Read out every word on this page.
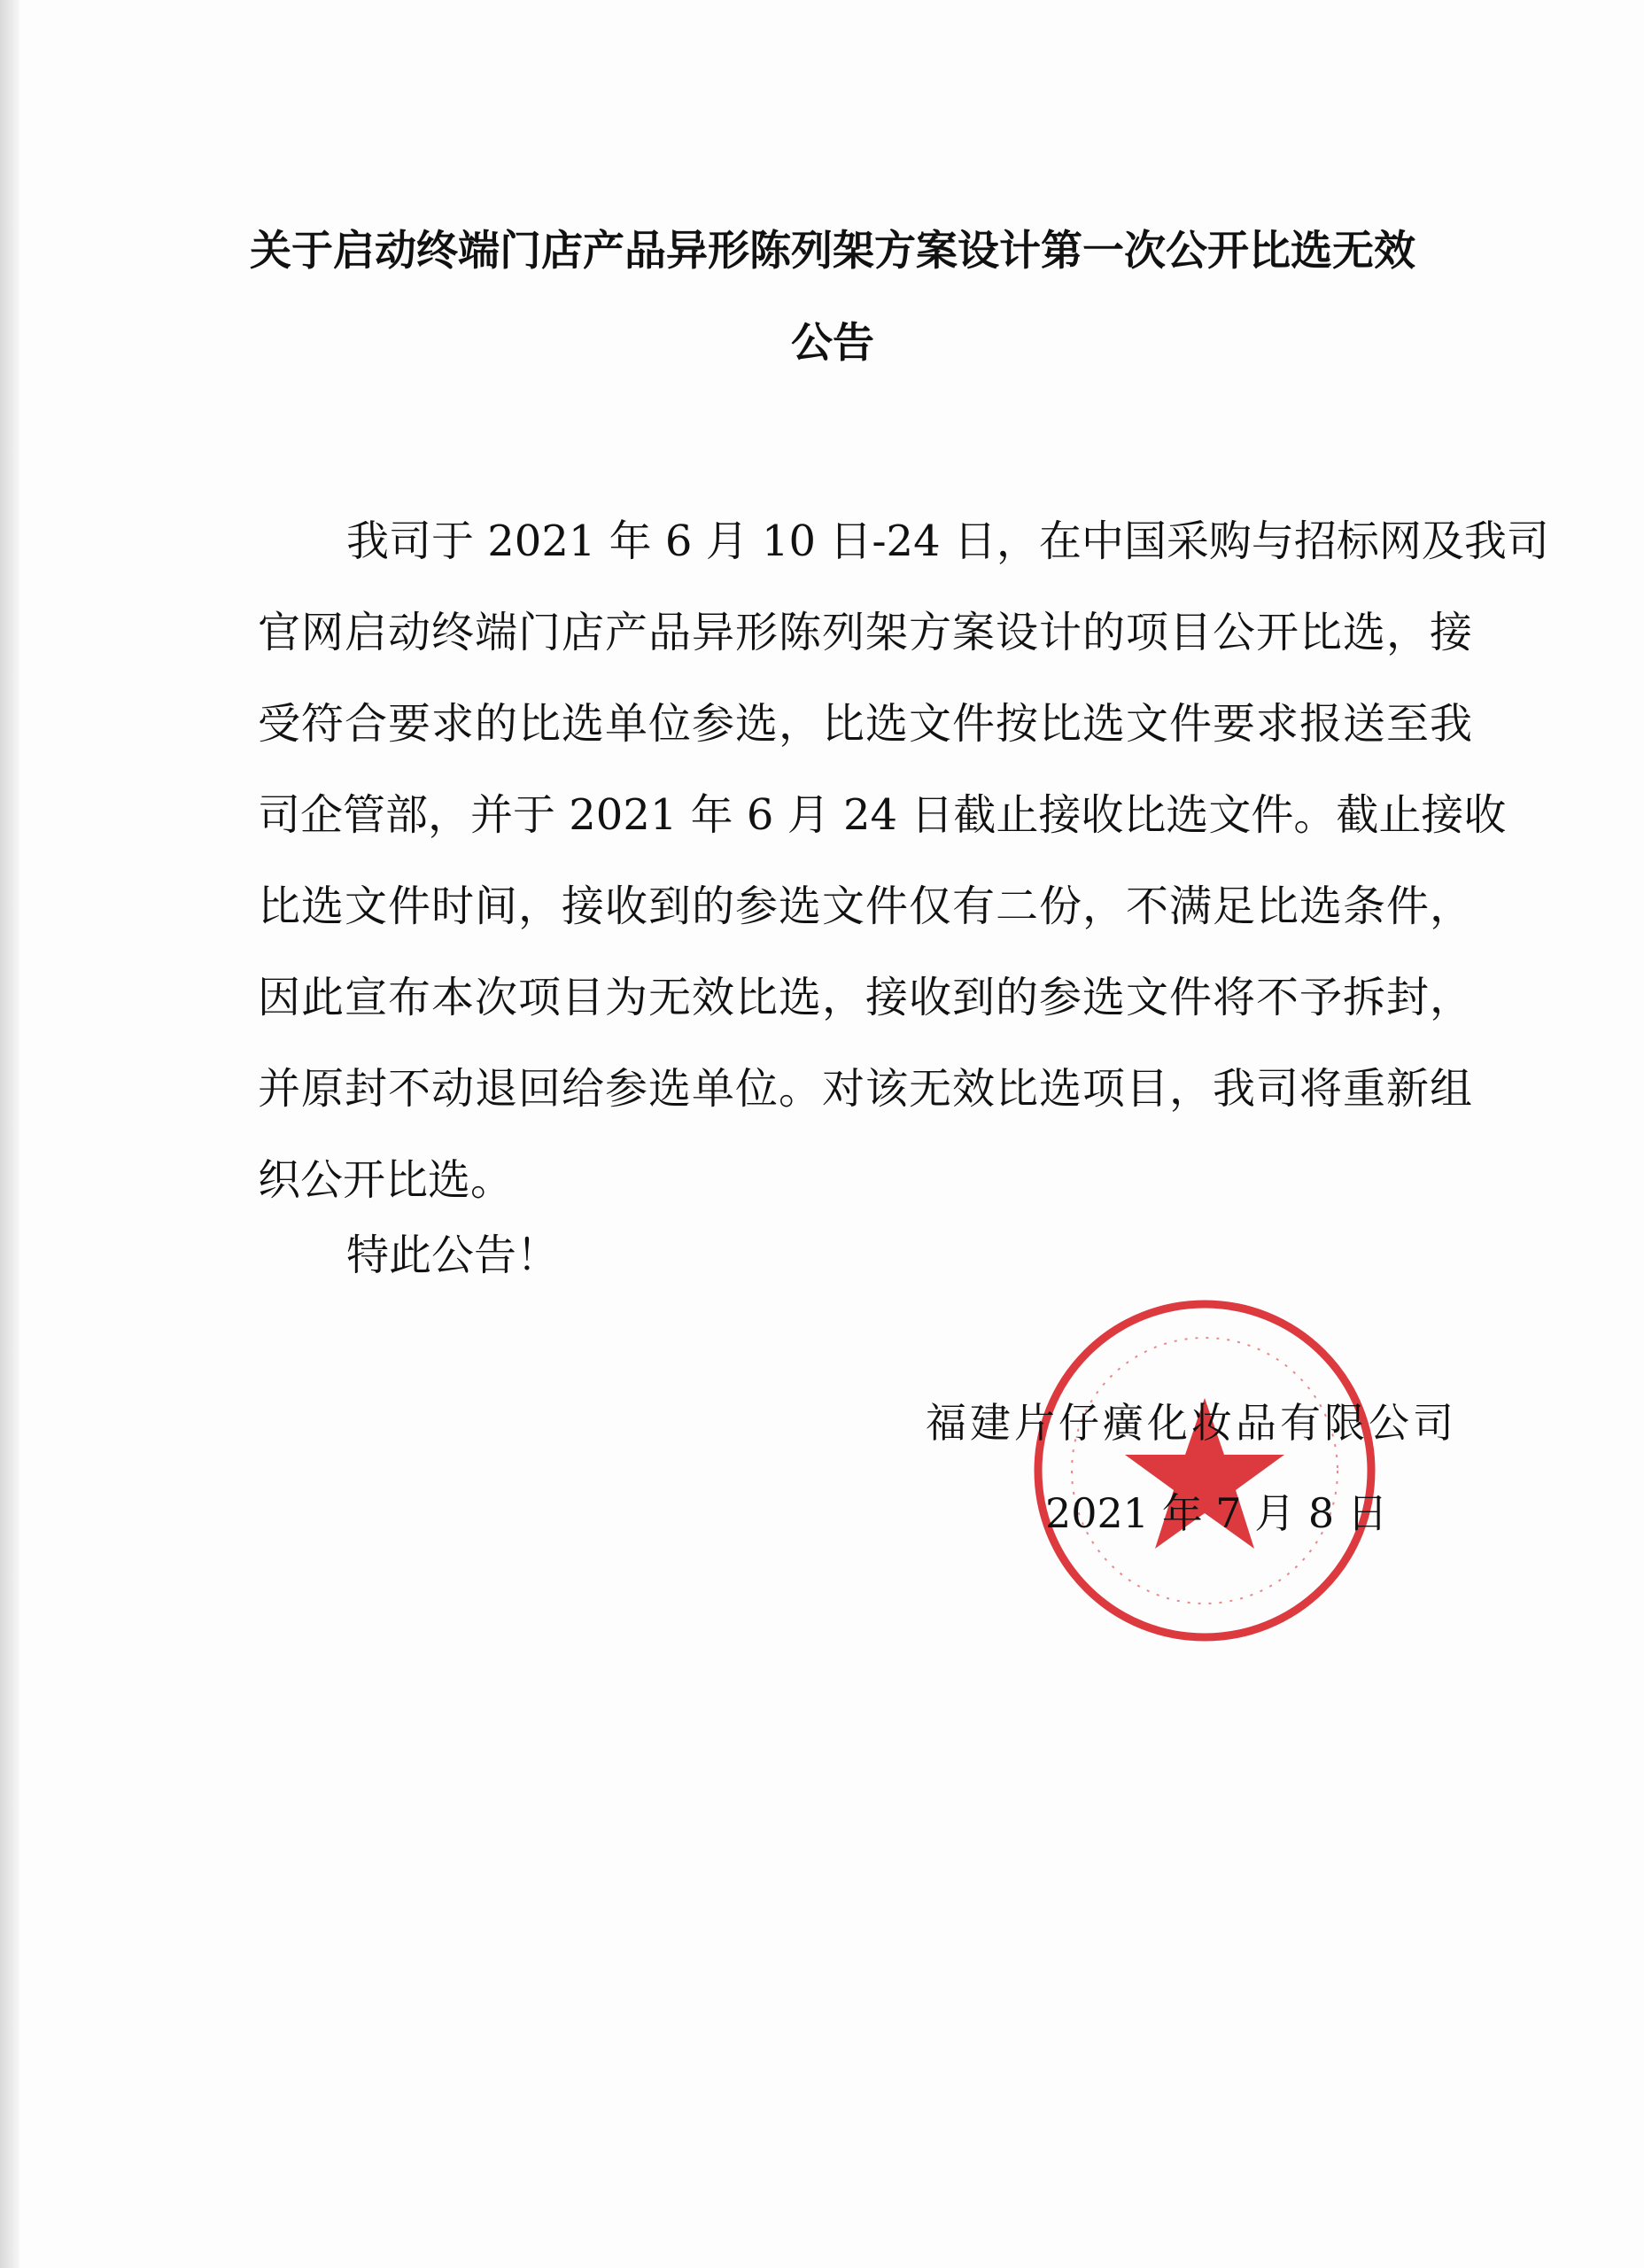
关于启动终端门店产品异形陈列架方案设计第一次公开比选无效
公告
我司于 2021 年 6 月 10 日-24 日，在中国采购与招标网及我司
官网启动终端门店产品异形陈列架方案设计的项目公开比选，接
受符合要求的比选单位参选，比选文件按比选文件要求报送至我
司企管部，并于 2021 年 6 月 24 日截止接收比选文件。截止接收
比选文件时间，接收到的参选文件仅有二份，不满足比选条件，
因此宣布本次项目为无效比选，接收到的参选文件将不予拆封，
并原封不动退回给参选单位。对该无效比选项目，我司将重新组
织公开比选。
特此公告！
福建片仔癀化妆品有限公司
2021 年 7 月 8 日
